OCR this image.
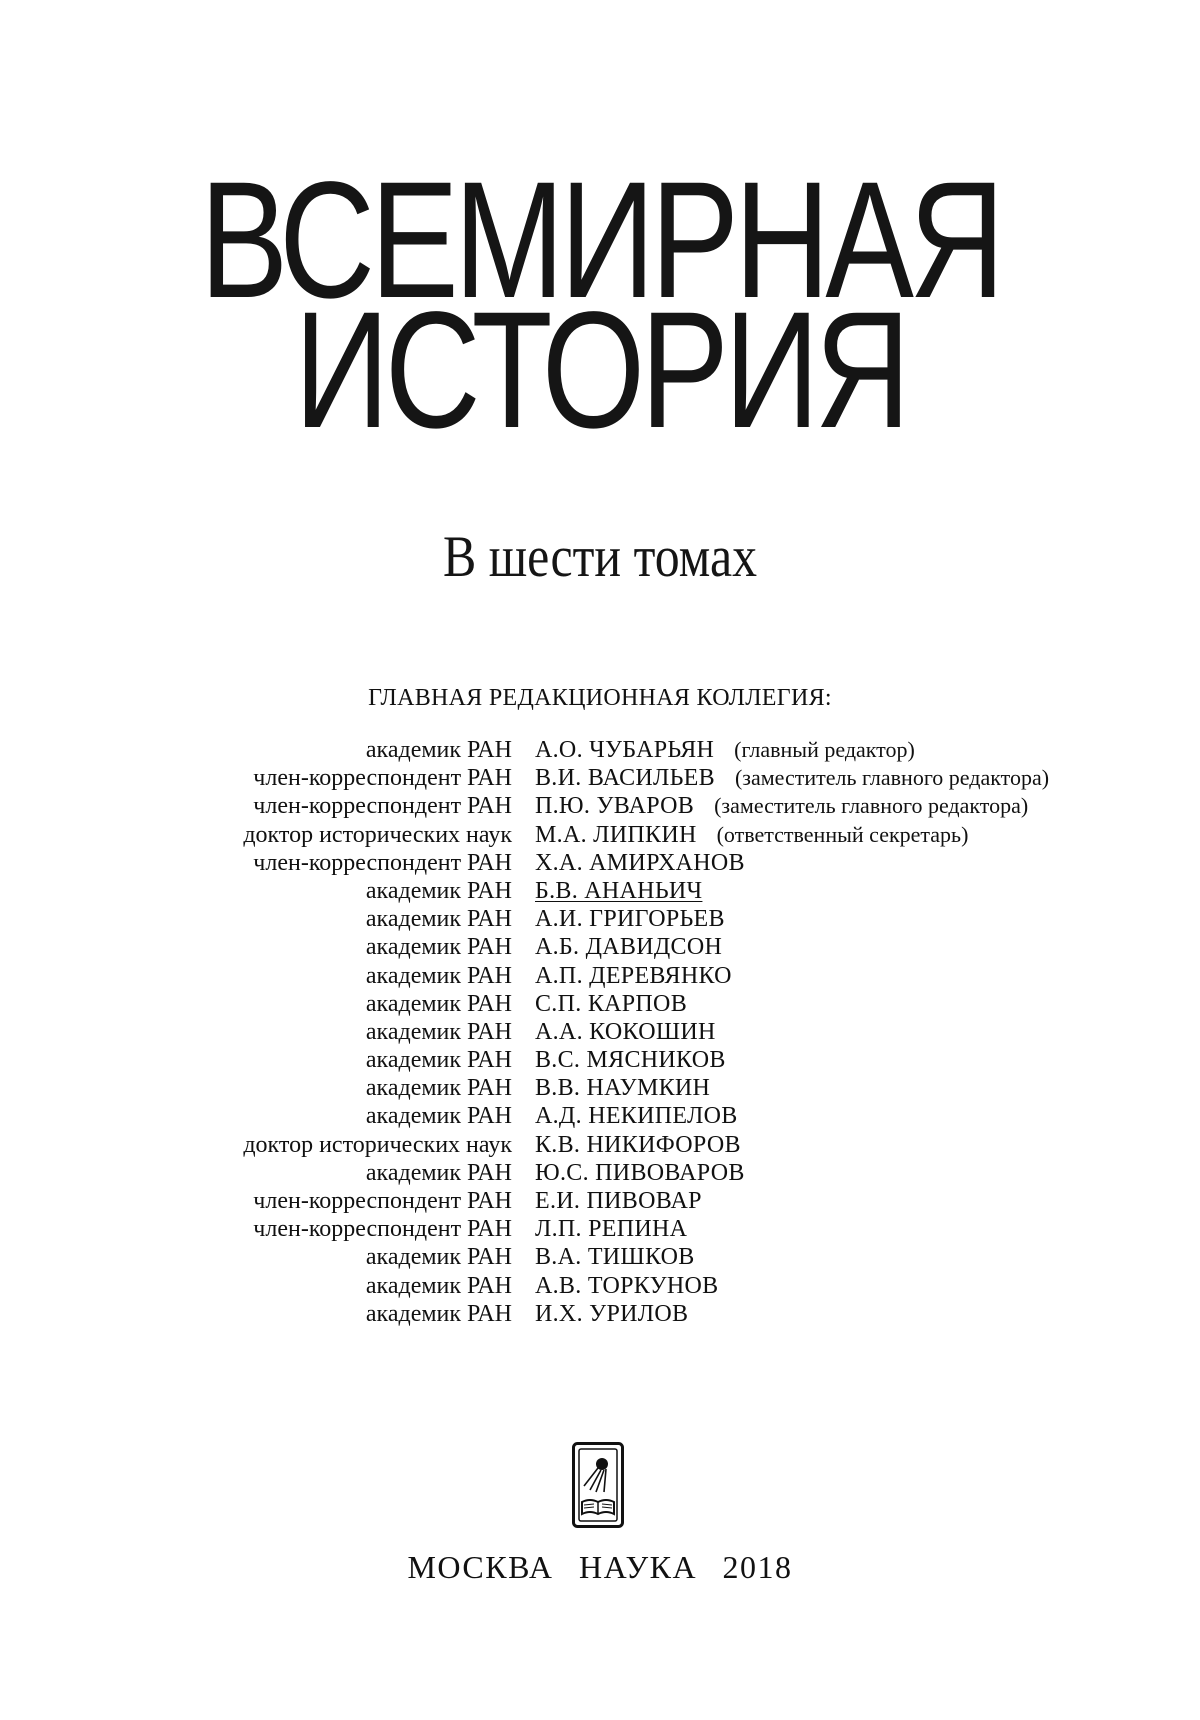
ВСЕМИРНАЯ
ИСТОРИЯ
В шести томах
ГЛАВНАЯ РЕДАКЦИОННАЯ КОЛЛЕГИЯ:
академик РАН А.О. ЧУБАРЬЯН (главный редактор)
член-корреспондент РАН В.И. ВАСИЛЬЕВ (заместитель главного редактора)
член-корреспондент РАН П.Ю. УВАРОВ (заместитель главного редактора)
доктор исторических наук М.А. ЛИПКИН (ответственный секретарь)
член-корреспондент РАН Х.А. АМИРХАНОВ
академик РАН Б.В. АНАНЬИЧ
академик РАН А.И. ГРИГОРЬЕВ
академик РАН А.Б. ДАВИДСОН
академик РАН А.П. ДЕРЕВЯНКО
академик РАН С.П. КАРПОВ
академик РАН А.А. КОКОШИН
академик РАН В.С. МЯСНИКОВ
академик РАН В.В. НАУМКИН
академик РАН А.Д. НЕКИПЕЛОВ
доктор исторических наук К.В. НИКИФОРОВ
академик РАН Ю.С. ПИВОВАРОВ
член-корреспондент РАН Е.И. ПИВОВАР
член-корреспондент РАН Л.П. РЕПИНА
академик РАН В.А. ТИШКОВ
академик РАН А.В. ТОРКУНОВ
академик РАН И.Х. УРИЛОВ
МОСКВА НАУКА 2018
